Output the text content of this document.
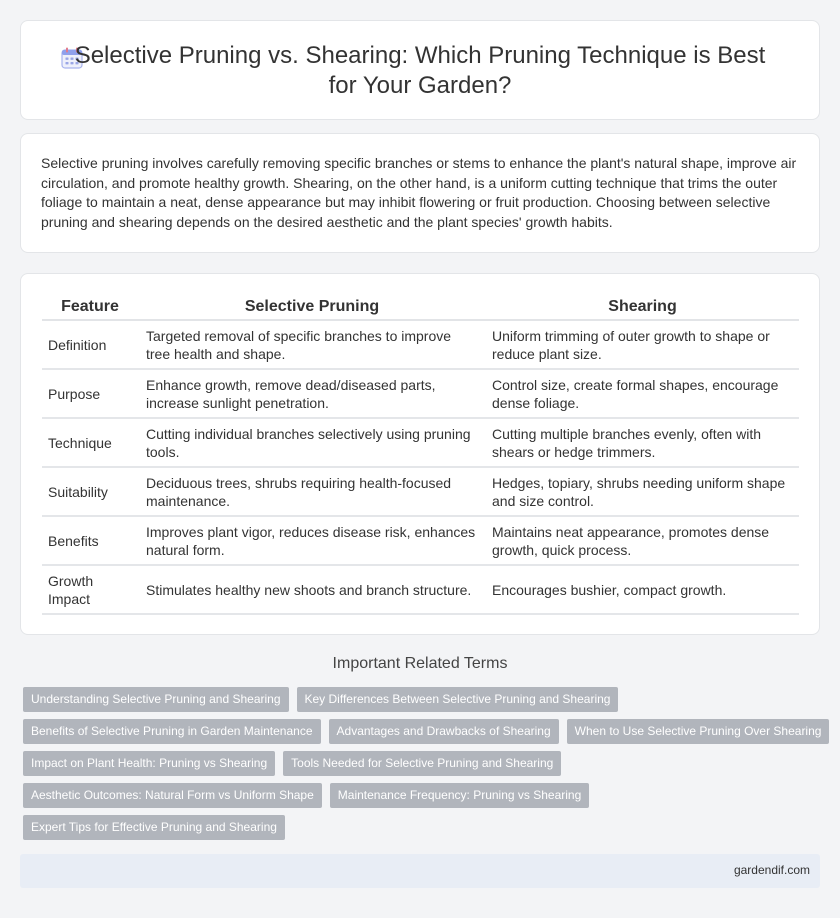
Selective Pruning vs. Shearing: Which Pruning Technique is Best for Your Garden?

Selective pruning involves carefully removing specific branches or stems to enhance the plant's natural shape, improve air circulation, and promote healthy growth. Shearing, on the other hand, is a uniform cutting technique that trims the outer foliage to maintain a neat, dense appearance but may inhibit flowering or fruit production. Choosing between selective pruning and shearing depends on the desired aesthetic and the plant species' growth habits.

Feature	Selective Pruning	Shearing
Definition	Targeted removal of specific branches to improve tree health and shape.	Uniform trimming of outer growth to shape or reduce plant size.
Purpose	Enhance growth, remove dead/diseased parts, increase sunlight penetration.	Control size, create formal shapes, encourage dense foliage.
Technique	Cutting individual branches selectively using pruning tools.	Cutting multiple branches evenly, often with shears or hedge trimmers.
Suitability	Deciduous trees, shrubs requiring health-focused maintenance.	Hedges, topiary, shrubs needing uniform shape and size control.
Benefits	Improves plant vigor, reduces disease risk, enhances natural form.	Maintains neat appearance, promotes dense growth, quick process.
Growth Impact	Stimulates healthy new shoots and branch structure.	Encourages bushier, compact growth.
Important Related Terms
Understanding Selective Pruning and Shearing	Key Differences Between Selective Pruning and Shearing
Benefits of Selective Pruning in Garden Maintenance	Advantages and Drawbacks of Shearing	When to Use Selective Pruning Over Shearing
Impact on Plant Health: Pruning vs Shearing	Tools Needed for Selective Pruning and Shearing
Aesthetic Outcomes: Natural Form vs Uniform Shape	Maintenance Frequency: Pruning vs Shearing
Expert Tips for Effective Pruning and Shearing
gardendif.com
